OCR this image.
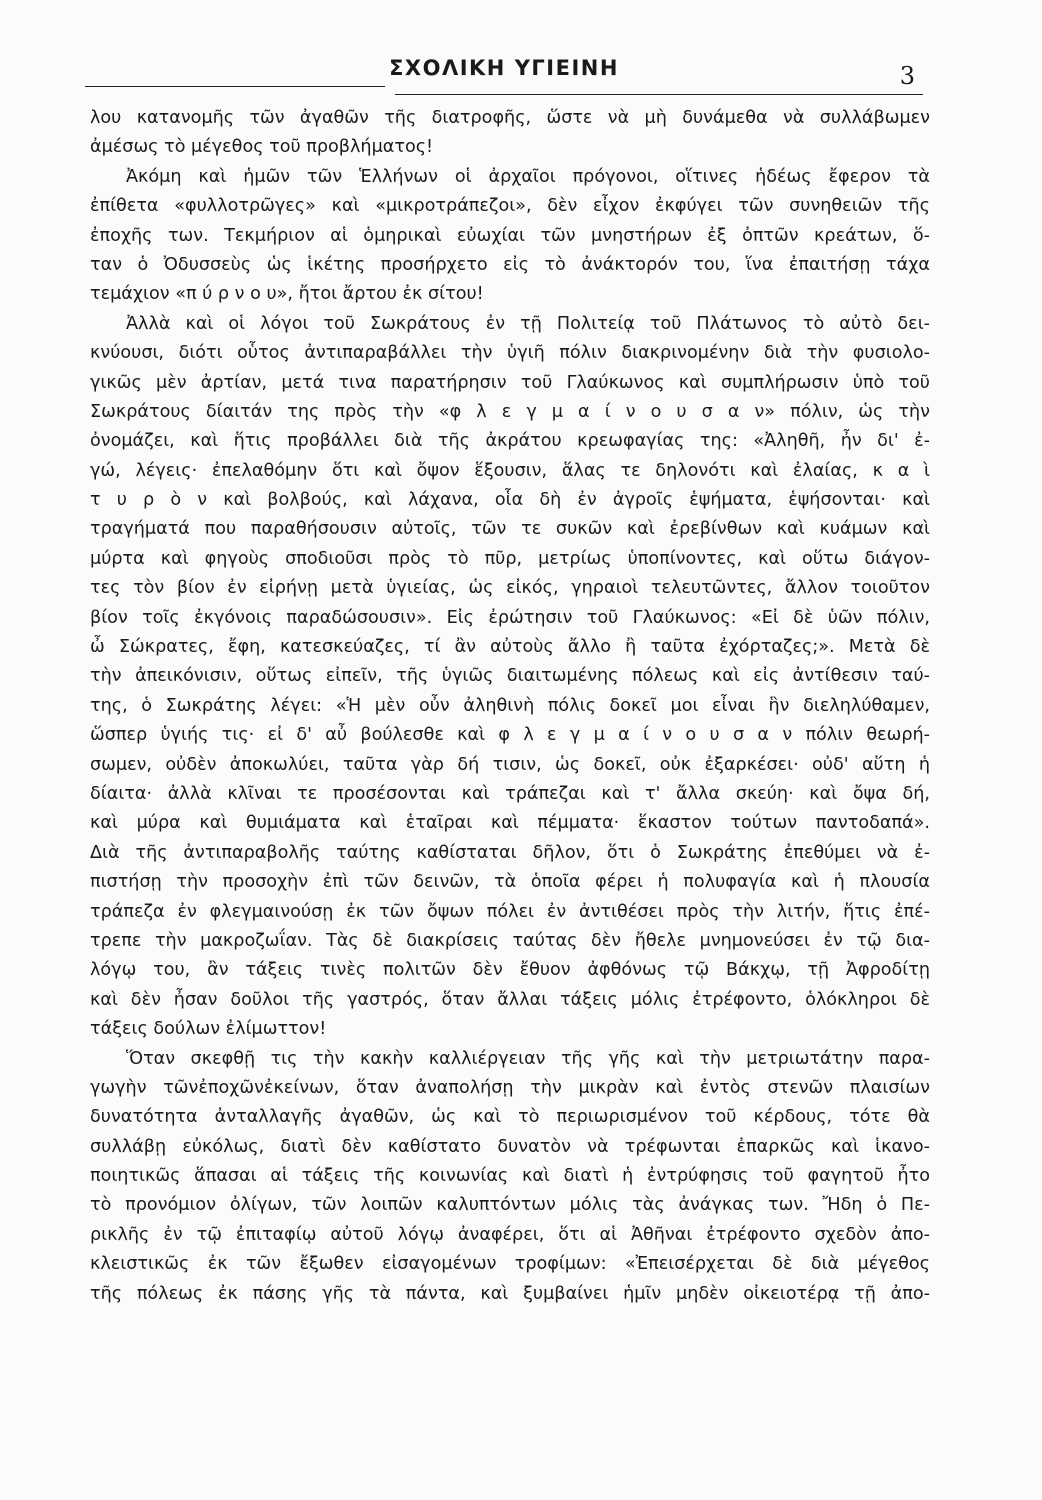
ΣΧΟΛΙΚΗ ΥΓΙΕΙΝΗ	3
λου κατανομῆς τῶν ἀγαθῶν τῆς διατροφῆς, ὥστε νὰ μὴ δυνάμεθα νὰ συλλάβωμεν
ἀμέσως τὸ μέγεθος τοῦ προβλήματος!
Ἀκόμη καὶ ἡμῶν τῶν Ἑλλήνων οἱ ἀρχαῖοι πρόγονοι, οἵτινες ἡδέως ἔφερον τὰ
ἐπίθετα «φυλλοτρῶγες» καὶ «μικροτράπεζοι», δὲν εἶχον ἐκφύγει τῶν συνηθειῶν τῆς
ἐποχῆς των. Τεκμήριον αἱ ὁμηρικαὶ εὐωχίαι τῶν μνηστήρων ἐξ ὀπτῶν κρεάτων, ὅ-
ταν ὁ Ὀδυσσεὺς ὡς ἱκέτης προσήρχετο εἰς τὸ ἀνάκτορόν του, ἵνα ἐπαιτήσῃ τάχα
τεμάχιον «π ύ ρ ν ο υ», ἤτοι ἄρτου ἐκ σίτου!
Ἀλλὰ καὶ οἱ λόγοι τοῦ Σωκράτους ἐν τῇ Πολιτείᾳ τοῦ Πλάτωνος τὸ αὐτὸ δει-
κνύουσι, διότι οὗτος ἀντιπαραβάλλει τὴν ὑγιῆ πόλιν διακρινομένην διὰ τὴν φυσιολο-
γικῶς μὲν ἀρτίαν, μετά τινα παρατήρησιν τοῦ Γλαύκωνος καὶ συμπλήρωσιν ὑπὸ τοῦ
Σωκράτους δίαιτάν της πρὸς τὴν «φ λ ε γ μ α ί ν ο υ σ α ν» πόλιν, ὡς τὴν
ὀνομάζει, καὶ ἥτις προβάλλει διὰ τῆς ἀκράτου κρεωφαγίας της: «Ἀληθῆ, ἦν δι' ἐ-
γώ, λέγεις· ἐπελαθόμην ὅτι καὶ ὄψον ἕξουσιν, ἅλας τε δηλονότι καὶ ἐλαίας, κ α ὶ
τ υ ρ ὸ ν καὶ βολβούς, καὶ λάχανα, οἷα δὴ ἐν ἀγροῖς ἑψήματα, ἑψήσονται· καὶ
τραγήματά που παραθήσουσιν αὐτοῖς, τῶν τε συκῶν καὶ ἐρεβίνθων καὶ κυάμων καὶ
μύρτα καὶ φηγοὺς σποδιοῦσι πρὸς τὸ πῦρ, μετρίως ὑποπίνοντες, καὶ οὕτω διάγον-
τες τὸν βίον ἐν εἰρήνῃ μετὰ ὑγιείας, ὡς εἰκός, γηραιοὶ τελευτῶντες, ἄλλον τοιοῦτον
βίον τοῖς ἐκγόνοις παραδώσουσιν». Εἰς ἐρώτησιν τοῦ Γλαύκωνος: «Εἰ δὲ ὑῶν πόλιν,
ὦ Σώκρατες, ἔφη, κατεσκεύαζες, τί ἂν αὐτοὺς ἄλλο ἢ ταῦτα ἐχόρταζες;». Μετὰ δὲ
τὴν ἀπεικόνισιν, οὕτως εἰπεῖν, τῆς ὑγιῶς διαιτωμένης πόλεως καὶ εἰς ἀντίθεσιν ταύ-
της, ὁ Σωκράτης λέγει: «Ἡ μὲν οὖν ἀληθινὴ πόλις δοκεῖ μοι εἶναι ἣν διεληλύθαμεν,
ὥσπερ ὑγιής τις· εἰ δ' αὖ βούλεσθε καὶ φ λ ε γ μ α ί ν ο υ σ α ν πόλιν θεωρή-
σωμεν, οὐδὲν ἀποκωλύει, ταῦτα γὰρ δή τισιν, ὡς δοκεῖ, οὐκ ἐξαρκέσει· οὐδ' αὕτη ἡ
δίαιτα· ἀλλὰ κλῖναι τε προσέσονται καὶ τράπεζαι καὶ τ' ἄλλα σκεύη· καὶ ὄψα δή,
καὶ μύρα καὶ θυμιάματα καὶ ἑταῖραι καὶ πέμματα· ἕκαστον τούτων παντοδαπά».
Διὰ τῆς ἀντιπαραβολῆς ταύτης καθίσταται δῆλον, ὅτι ὁ Σωκράτης ἐπεθύμει νὰ ἐ-
πιστήσῃ τὴν προσοχὴν ἐπὶ τῶν δεινῶν, τὰ ὁποῖα φέρει ἡ πολυφαγία καὶ ἡ πλουσία
τράπεζα ἐν φλεγμαινούσῃ ἐκ τῶν ὄψων πόλει ἐν ἀντιθέσει πρὸς τὴν λιτήν, ἥτις ἐπέ-
τρεπε τὴν μακροζωΐαν. Τὰς δὲ διακρίσεις ταύτας δὲν ἤθελε μνημονεύσει ἐν τῷ δια-
λόγῳ του, ἂν τάξεις τινὲς πολιτῶν δὲν ἔθυον ἀφθόνως τῷ Βάκχῳ, τῇ Ἀφροδίτῃ
καὶ δὲν ἦσαν δοῦλοι τῆς γαστρός, ὅταν ἄλλαι τάξεις μόλις ἐτρέφοντο, ὁλόκληροι δὲ
τάξεις δούλων ἐλίμωττον!
Ὅταν σκεφθῇ τις τὴν κακὴν καλλιέργειαν τῆς γῆς καὶ τὴν μετριωτάτην παρα-
γωγὴν τῶνἐποχῶνἐκείνων, ὅταν ἀναπολήσῃ τὴν μικρὰν καὶ ἐντὸς στενῶν πλαισίων
δυνατότητα ἀνταλλαγῆς ἀγαθῶν, ὡς καὶ τὸ περιωρισμένον τοῦ κέρδους, τότε θὰ
συλλάβῃ εὐκόλως, διατὶ δὲν καθίστατο δυνατὸν νὰ τρέφωνται ἐπαρκῶς καὶ ἱκανο-
ποιητικῶς ἅπασαι αἱ τάξεις τῆς κοινωνίας καὶ διατὶ ἡ ἐντρύφησις τοῦ φαγητοῦ ἦτο
τὸ προνόμιον ὀλίγων, τῶν λοιπῶν καλυπτόντων μόλις τὰς ἀνάγκας των. Ἤδη ὁ Πε-
ρικλῆς ἐν τῷ ἐπιταφίῳ αὐτοῦ λόγῳ ἀναφέρει, ὅτι αἱ Ἀθῆναι ἐτρέφοντο σχεδὸν ἀπο-
κλειστικῶς ἐκ τῶν ἔξωθεν εἰσαγομένων τροφίμων: «Ἐπεισέρχεται δὲ διὰ μέγεθος
τῆς πόλεως ἐκ πάσης γῆς τὰ πάντα, καὶ ξυμβαίνει ἡμῖν μηδὲν οἰκειοτέρᾳ τῇ ἀπο-
